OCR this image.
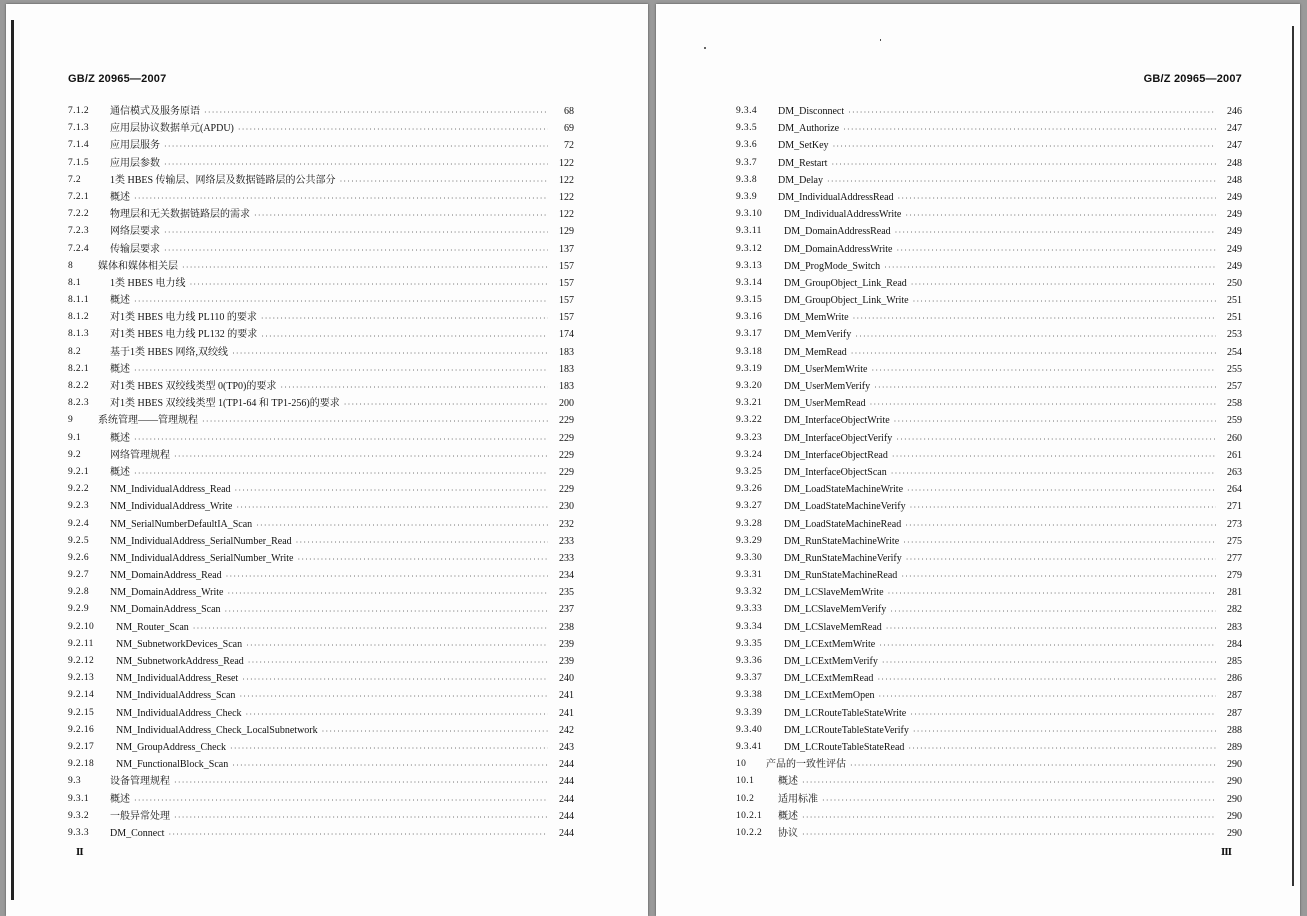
GB/Z 20965—2007
7.1.2	通信模式及服务原语 ·····	68
7.1.3	应用层协议数据单元(APDU) ·····	69
7.1.4	应用层服务 ·····	72
7.1.5	应用层参数 ·····	122
7.2	1类 HBES 传输层、网络层及数据链路层的公共部分 ·····	122
7.2.1	概述 ·····	122
7.2.2	物理层和无关数据链路层的需求 ·····	122
7.2.3	网络层要求 ·····	129
7.2.4	传输层要求 ·····	137
8	媒体和媒体相关层 ·····	157
8.1	1类 HBES 电力线 ·····	157
8.1.1	概述 ·····	157
8.1.2	对1类 HBES 电力线 PL110 的要求 ·····	157
8.1.3	对1类 HBES 电力线 PL132 的要求 ·····	174
8.2	基于1类 HBES 网络,双绞线 ·····	183
8.2.1	概述 ·····	183
8.2.2	对1类 HBES 双绞线类型 0(TP0)的要求 ·····	183
8.2.3	对1类 HBES 双绞线类型 1(TP1-64 和 TP1-256)的要求 ·····	200
9	系统管理——管理规程 ·····	229
9.1	概述 ·····	229
9.2	网络管理规程 ·····	229
9.2.1	概述 ·····	229
9.2.2	NM_IndividualAddress_Read ·····	229
9.2.3	NM_IndividualAddress_Write ·····	230
9.2.4	NM_SerialNumberDefaultIA_Scan ·····	232
9.2.5	NM_IndividualAddress_SerialNumber_Read ·····	233
9.2.6	NM_IndividualAddress_SerialNumber_Write ·····	233
9.2.7	NM_DomainAddress_Read ·····	234
9.2.8	NM_DomainAddress_Write ·····	235
9.2.9	NM_DomainAddress_Scan ·····	237
9.2.10	NM_Router_Scan ·····	238
9.2.11	NM_SubnetworkDevices_Scan ·····	239
9.2.12	NM_SubnetworkAddress_Read ·····	239
9.2.13	NM_IndividualAddress_Reset ·····	240
9.2.14	NM_IndividualAddress_Scan ·····	241
9.2.15	NM_IndividualAddress_Check ·····	241
9.2.16	NM_IndividualAddress_Check_LocalSubnetwork ·····	242
9.2.17	NM_GroupAddress_Check ·····	243
9.2.18	NM_FunctionalBlock_Scan ·····	244
9.3	设备管理规程 ·····	244
9.3.1	概述 ·····	244
9.3.2	一般异常处理 ·····	244
9.3.3	DM_Connect ·····	244
Ⅱ
GB/Z 20965—2007
9.3.4	DM_Disconnect ·····	246
9.3.5	DM_Authorize ·····	247
9.3.6	DM_SetKey ·····	247
9.3.7	DM_Restart ·····	248
9.3.8	DM_Delay ·····	248
9.3.9	DM_IndividualAddressRead ·····	249
9.3.10	DM_IndividualAddressWrite ·····	249
9.3.11	DM_DomainAddressRead ·····	249
9.3.12	DM_DomainAddressWrite ·····	249
9.3.13	DM_ProgMode_Switch ·····	249
9.3.14	DM_GroupObject_Link_Read ·····	250
9.3.15	DM_GroupObject_Link_Write ·····	251
9.3.16	DM_MemWrite ·····	251
9.3.17	DM_MemVerify ·····	253
9.3.18	DM_MemRead ·····	254
9.3.19	DM_UserMemWrite ·····	255
9.3.20	DM_UserMemVerify ·····	257
9.3.21	DM_UserMemRead ·····	258
9.3.22	DM_InterfaceObjectWrite ·····	259
9.3.23	DM_InterfaceObjectVerify ·····	260
9.3.24	DM_InterfaceObjectRead ·····	261
9.3.25	DM_InterfaceObjectScan ·····	263
9.3.26	DM_LoadStateMachineWrite ·····	264
9.3.27	DM_LoadStateMachineVerify ·····	271
9.3.28	DM_LoadStateMachineRead ·····	273
9.3.29	DM_RunStateMachineWrite ·····	275
9.3.30	DM_RunStateMachineVerify ·····	277
9.3.31	DM_RunStateMachineRead ·····	279
9.3.32	DM_LCSlaveMemWrite ·····	281
9.3.33	DM_LCSlaveMemVerify ·····	282
9.3.34	DM_LCSlaveMemRead ·····	283
9.3.35	DM_LCExtMemWrite ·····	284
9.3.36	DM_LCExtMemVerify ·····	285
9.3.37	DM_LCExtMemRead ·····	286
9.3.38	DM_LCExtMemOpen ·····	287
9.3.39	DM_LCRouteTableStateWrite ·····	287
9.3.40	DM_LCRouteTableStateVerify ·····	288
9.3.41	DM_LCRouteTableStateRead ·····	289
10	产品的一致性评估 ·····	290
10.1	概述 ·····	290
10.2	适用标准 ·····	290
10.2.1	概述 ·····	290
10.2.2	协议 ·····	290
Ⅲ
